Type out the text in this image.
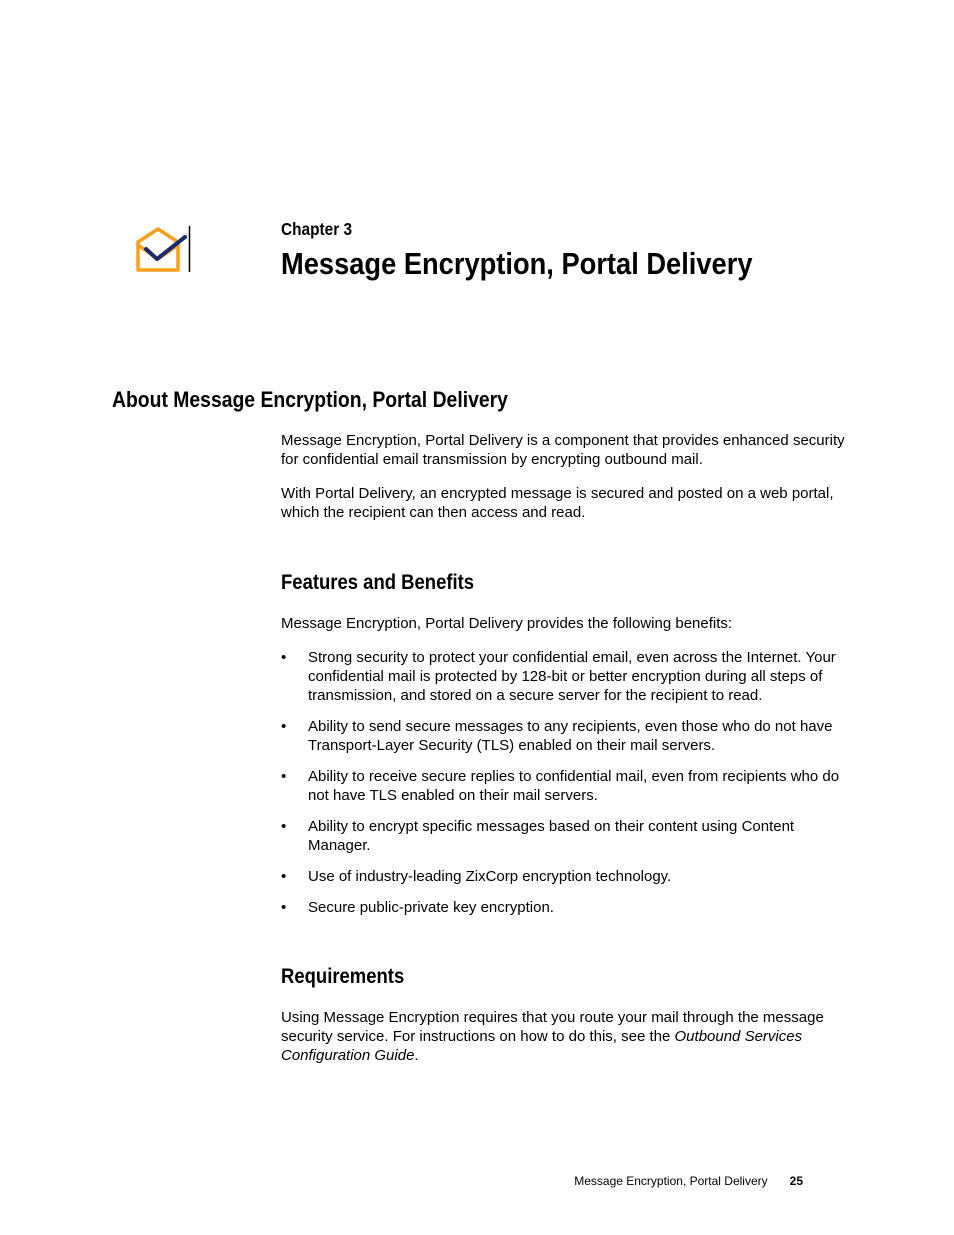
Chapter 3
Message Encryption, Portal Delivery
About Message Encryption, Portal Delivery

Message Encryption, Portal Delivery is a component that provides enhanced security for confidential email transmission by encrypting outbound mail.

With Portal Delivery, an encrypted message is secured and posted on a web portal, which the recipient can then access and read.

Features and Benefits

Message Encryption, Portal Delivery provides the following benefits:

• Strong security to protect your confidential email, even across the Internet. Your confidential mail is protected by 128-bit or better encryption during all steps of transmission, and stored on a secure server for the recipient to read.
• Ability to send secure messages to any recipients, even those who do not have Transport-Layer Security (TLS) enabled on their mail servers.
• Ability to receive secure replies to confidential mail, even from recipients who do not have TLS enabled on their mail servers.
• Ability to encrypt specific messages based on their content using Content Manager.
• Use of industry-leading ZixCorp encryption technology.
• Secure public-private key encryption.
Requirements

Using Message Encryption requires that you route your mail through the message security service. For instructions on how to do this, see the Outbound Services Configuration Guide.

Message Encryption, Portal Delivery 25
